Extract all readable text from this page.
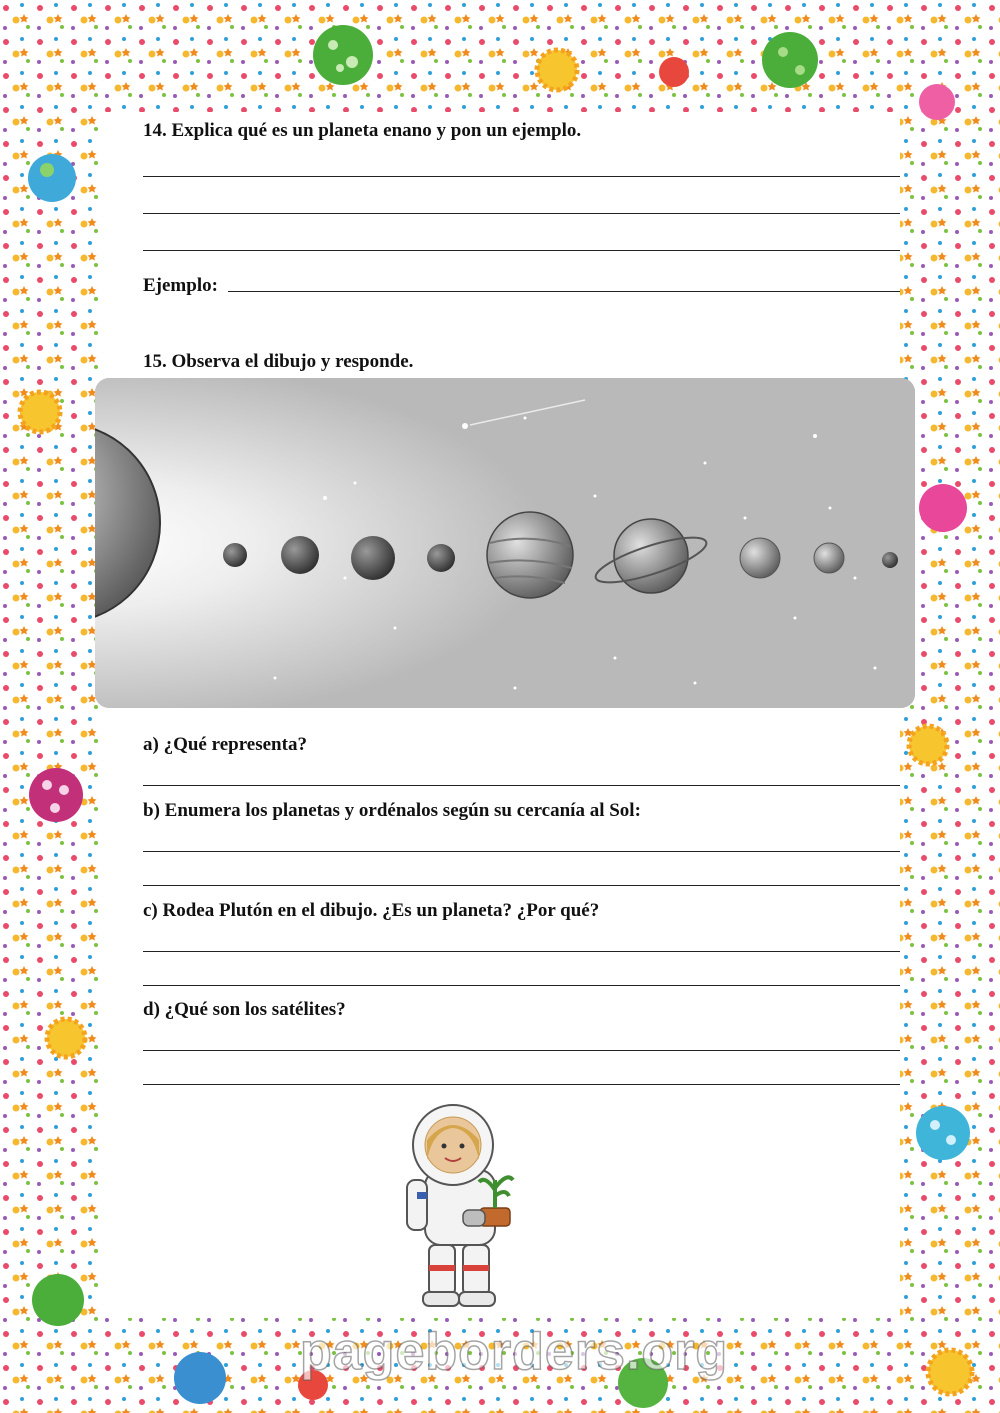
14. Explica qué es un planeta enano y pon un ejemplo.
Ejemplo:
15. Observa el dibujo y responde.
a) ¿Qué representa?
b) Enumera los planetas y ordénalos según su cercanía al Sol:
c) Rodea Plutón en el dibujo. ¿Es un planeta? ¿Por qué?
d) ¿Qué son los satélites?
pageborders.org
